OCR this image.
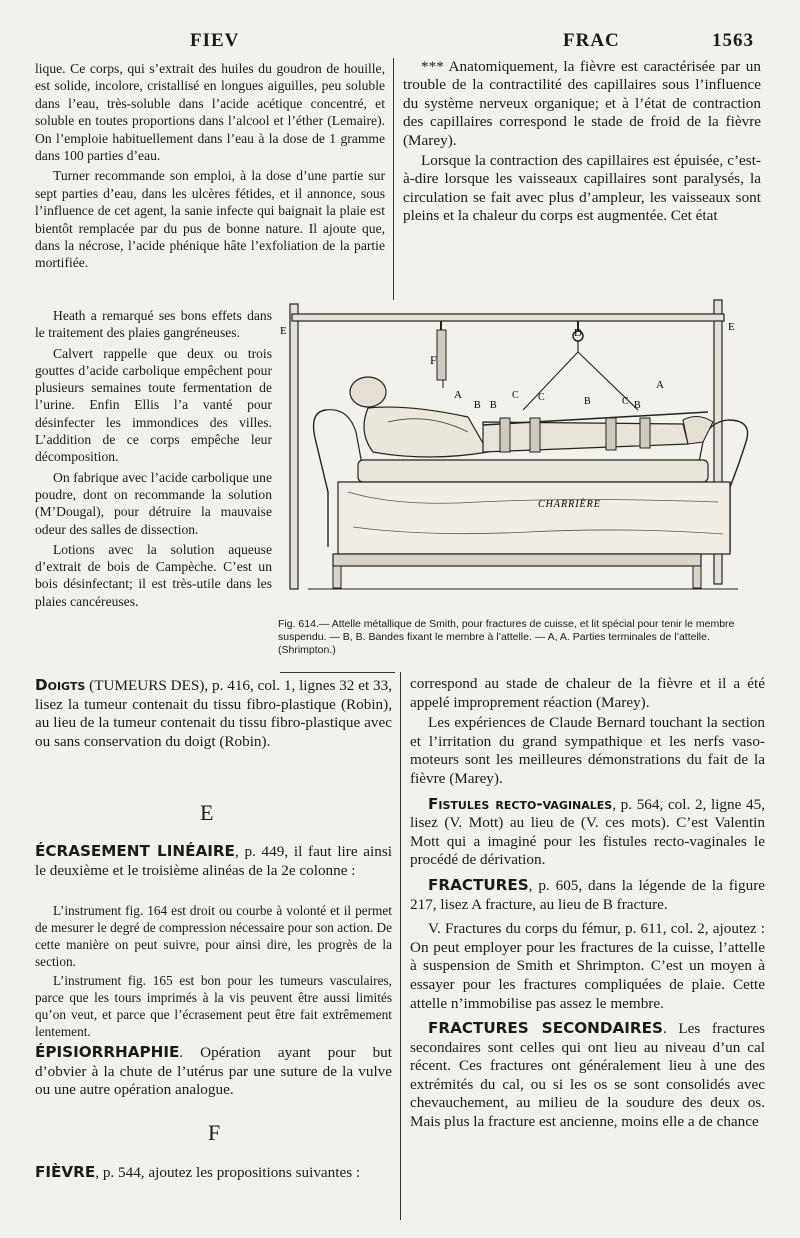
FIEV	FRAC	1563

lique. Ce corps, qui s’extrait des huiles du goudron de houille, est solide, incolore, cristallisé en longues aiguilles, peu soluble dans l’eau, très-soluble dans l’acide acétique concentré, et soluble en toutes proportions dans l’alcool et l’éther (Lemaire). On l’emploie habituellement dans l’eau à la dose de 1 gramme dans 100 parties d’eau.

Turner recommande son emploi, à la dose d’une partie sur sept parties d’eau, dans les ulcères fétides, et il annonce, sous l’influence de cet agent, la sanie infecte qui baignait la plaie est bientôt remplacée par du pus de bonne nature. Il ajoute que, dans la nécrose, l’acide phénique hâte l’exfoliation de la partie mortifiée.

Heath a remarqué ses bons effets dans le traitement des plaies gangréneuses.

Calvert rappelle que deux ou trois gouttes d’acide carbolique empêchent pour plusieurs semaines toute fermentation de l’urine. Enfin Ellis l’a vanté pour désinfecter les immondices des villes. L’addition de ce corps empêche leur décomposition.

On fabrique avec l’acide carbolique une poudre, dont on recommande la solution (M’Dougal), pour détruire la mauvaise odeur des salles de dissection.

Lotions avec la solution aqueuse d’extrait de bois de Campèche. C’est un bois désinfectant; il est très-utile dans les plaies cancéreuses.

*** Anatomiquement, la fièvre est caractérisée par un trouble de la contractilité des capillaires sous l’influence du système nerveux organique; et à l’état de contraction des capillaires correspond le stade de froid de la fièvre (Marey).

Lorsque la contraction des capillaires est épuisée, c’est-à-dire lorsque les vaisseaux capillaires sont paralysés, la circulation se fait avec plus d’ampleur, les vaisseaux sont pleins et la chaleur du corps est augmentée. Cet état

D
E	E
F
A
A
B B	B	B
C C	C
CHARRIÈRE
Fig. 614.— Attelle métallique de Smith, pour fractures de cuisse, et lit spécial pour tenir le membre suspendu. — B, B. Bandes fixant le membre à l’attelle. — A, A. Parties terminales de l’attelle. (Shrimpton.)

Doigts (TUMEURS DES), p. 416, col. 1, lignes 32 et 33, lisez la tumeur contenait du tissu fibro-plastique (Robin), au lieu de la tumeur contenait du tissu fibro-plastique avec ou sans conservation du doigt (Robin).

E

ÉCRASEMENT LINÉAIRE, p. 449, il faut lire ainsi le deuxième et le troisième alinéas de la 2e colonne :

L’instrument fig. 164 est droit ou courbe à volonté et il permet de mesurer le degré de compression nécessaire pour son action. De cette manière on peut suivre, pour ainsi dire, les progrès de la section.

L’instrument fig. 165 est bon pour les tumeurs vasculaires, parce que les tours imprimés à la vis peuvent être aussi limités qu’on veut, et parce que l’écrasement peut être fait extrêmement lentement.

ÉPISIORRHAPHIE. Opération ayant pour but d’obvier à la chute de l’utérus par une suture de la vulve ou une autre opération analogue.

F

FIÈVRE, p. 544, ajoutez les propositions suivantes :

correspond au stade de chaleur de la fièvre et il a été appelé improprement réaction (Marey).

Les expériences de Claude Bernard touchant la section et l’irritation du grand sympathique et les nerfs vaso-moteurs sont les meilleures démonstrations du fait de la fièvre (Marey).

Fistules recto-vaginales, p. 564, col. 2, ligne 45, lisez (V. Mott) au lieu de (V. ces mots). C’est Valentin Mott qui a imaginé pour les fistules recto-vaginales le procédé de dérivation.

FRACTURES, p. 605, dans la légende de la figure 217, lisez A fracture, au lieu de B fracture.

V. Fractures du corps du fémur, p. 611, col. 2, ajoutez : On peut employer pour les fractures de la cuisse, l’attelle à suspension de Smith et Shrimpton. C’est un moyen à essayer pour les fractures compliquées de plaie. Cette attelle n’immobilise pas assez le membre.

FRACTURES SECONDAIRES. Les fractures secondaires sont celles qui ont lieu au niveau d’un cal récent. Ces fractures ont généralement lieu à une des extrémités du cal, ou si les os se sont consolidés avec chevauchement, au milieu de la soudure des deux os. Mais plus la fracture est ancienne, moins elle a de chance
